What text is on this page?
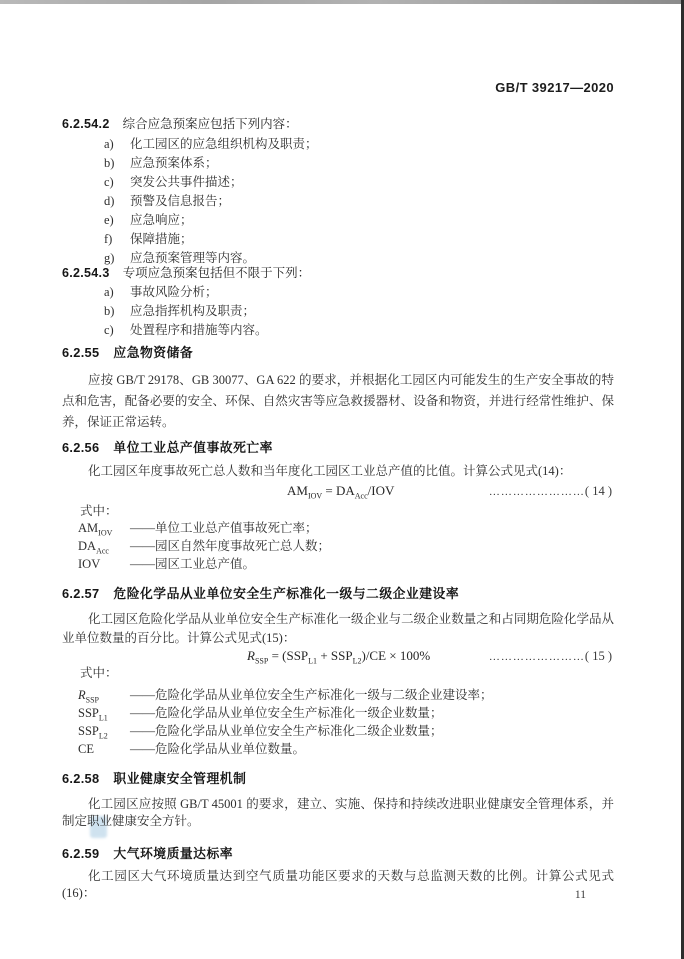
GB/T 39217—2020
6.2.54.2 综合应急预案应包括下列内容：
a) 化工园区的应急组织机构及职责；
b) 应急预案体系；
c) 突发公共事件描述；
d) 预警及信息报告；
e) 应急响应；
f) 保障措施；
g) 应急预案管理等内容。
6.2.54.3 专项应急预案包括但不限于下列：
a) 事故风险分析；
b) 应急指挥机构及职责；
c) 处置程序和措施等内容。
6.2.55 应急物资储备

应按 GB/T 29178、GB 30077、GA 622 的要求，并根据化工园区内可能发生的生产安全事故的特点和危害，配备必要的安全、环保、自然灾害等应急救援器材、设备和物资，并进行经常性维护、保养，保证正常运转。

6.2.56 单位工业总产值事故死亡率

化工园区年度事故死亡总人数和当年度化工园区工业总产值的比值。计算公式见式(14)：

$AM_{IOV} = DA_{Acc}/IOV$	……………………( 14 )
式中：
$AM_{IOV}$ ——单位工业总产值事故死亡率；
$DA_{Acc}$ ——园区自然年度事故死亡总人数；
IOV ——园区工业总产值。
6.2.57 危险化学品从业单位安全生产标准化一级与二级企业建设率

化工园区危险化学品从业单位安全生产标准化一级企业与二级企业数量之和占同期危险化学品从业单位数量的百分比。计算公式见式(15)：

$R_{SSP} = (SSP_{L1} + SSP_{L2})/CE \times 100\%$	……………………( 15 )
式中：
$R_{SSP}$ ——危险化学品从业单位安全生产标准化一级与二级企业建设率；
$SSP_{L1}$ ——危险化学品从业单位安全生产标准化一级企业数量；
$SSP_{L2}$ ——危险化学品从业单位安全生产标准化二级企业数量；
CE	——危险化学品从业单位数量。
6.2.58 职业健康安全管理机制

化工园区应按照 GB/T 45001 的要求，建立、实施、保持和持续改进职业健康安全管理体系，并制定职业健康安全方针。

6.2.59 大气环境质量达标率

化工园区大气环境质量达到空气质量功能区要求的天数与总监测天数的比例。计算公式见式(16)：	11
